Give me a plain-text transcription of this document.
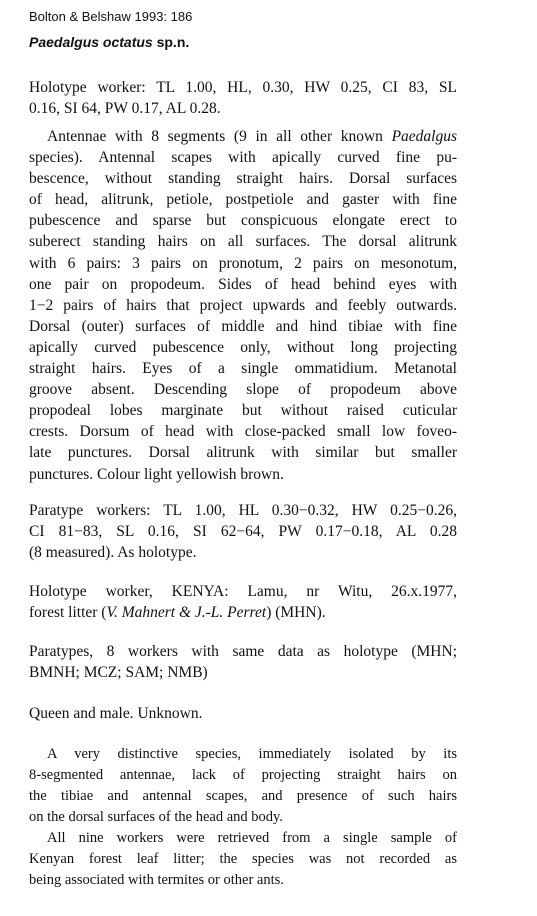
Bolton & Belshaw 1993: 186
Paedalgus octatus sp.n.
Holotype worker: TL 1.00, HL, 0.30, HW 0.25, CI 83, SL
0.16, SI 64, PW 0.17, AL 0.28.
Antennae with 8 segments (9 in all other known Paedalgus
species). Antennal scapes with apically curved fine pu-
bescence, without standing straight hairs. Dorsal surfaces
of head, alitrunk, petiole, postpetiole and gaster with fine
pubescence and sparse but conspicuous elongate erect to
suberect standing hairs on all surfaces. The dorsal alitrunk
with 6 pairs: 3 pairs on pronotum, 2 pairs on mesonotum,
one pair on propodeum. Sides of head behind eyes with
1−2 pairs of hairs that project upwards and feebly outwards.
Dorsal (outer) surfaces of middle and hind tibiae with fine
apically curved pubescence only, without long projecting
straight hairs. Eyes of a single ommatidium. Metanotal
groove absent. Descending slope of propodeum above
propodeal lobes marginate but without raised cuticular
crests. Dorsum of head with close-packed small low foveo-
late punctures. Dorsal alitrunk with similar but smaller
punctures. Colour light yellowish brown.
Paratype workers: TL 1.00, HL 0.30−0.32, HW 0.25−0.26,
CI 81−83, SL 0.16, SI 62−64, PW 0.17−0.18, AL 0.28
(8 measured). As holotype.
Holotype worker, KENYA: Lamu, nr Witu, 26.x.1977,
forest litter (V. Mahnert & J.-L. Perret) (MHN).
Paratypes, 8 workers with same data as holotype (MHN;
BMNH; MCZ; SAM; NMB)
Queen and male. Unknown.
A very distinctive species, immediately isolated by its
8-segmented antennae, lack of projecting straight hairs on
the tibiae and antennal scapes, and presence of such hairs
on the dorsal surfaces of the head and body.
All nine workers were retrieved from a single sample of
Kenyan forest leaf litter; the species was not recorded as
being associated with termites or other ants.
